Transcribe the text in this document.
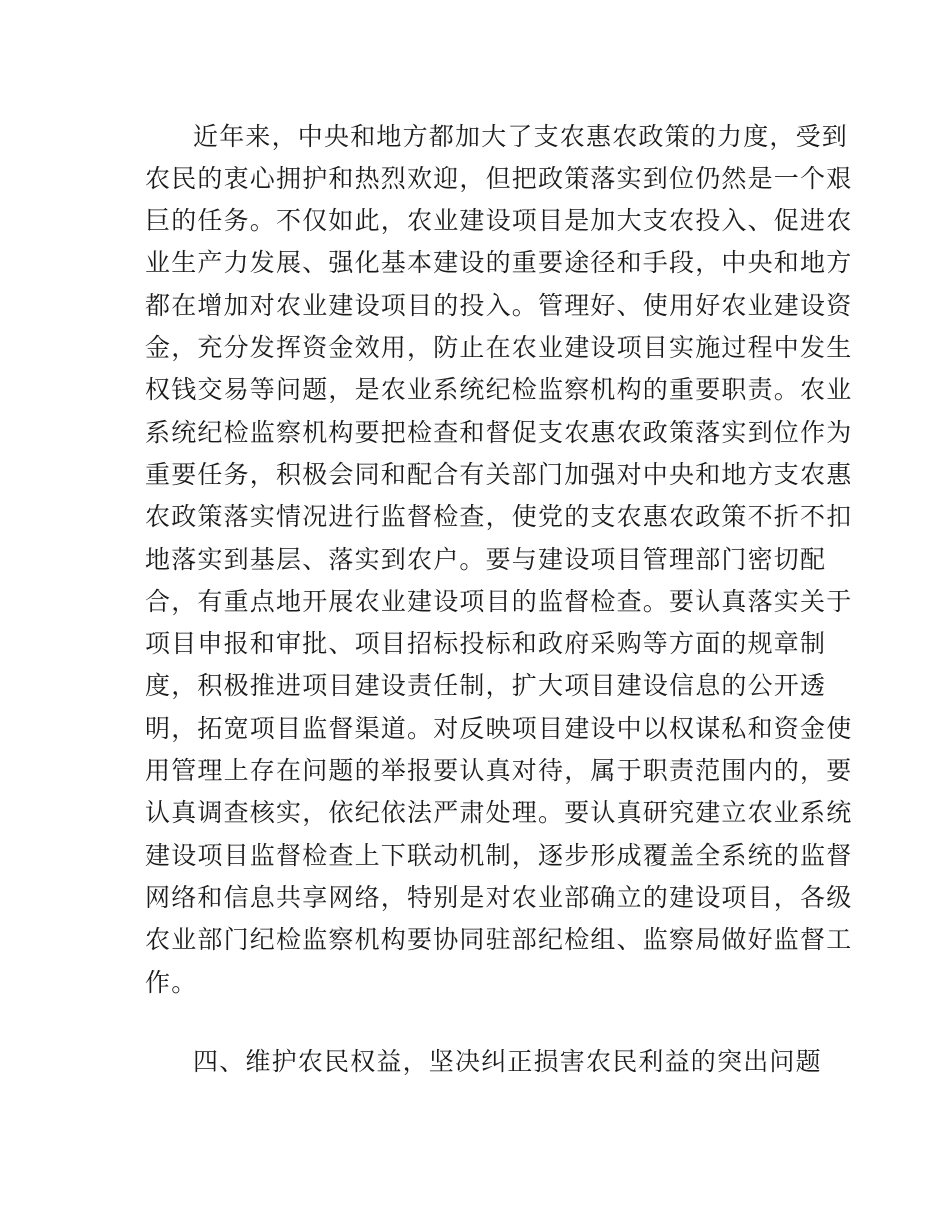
近年来，中央和地方都加大了支农惠农政策的力度，受到
农民的衷心拥护和热烈欢迎，但把政策落实到位仍然是一个艰
巨的任务。不仅如此，农业建设项目是加大支农投入、促进农
业生产力发展、强化基本建设的重要途径和手段，中央和地方
都在增加对农业建设项目的投入。管理好、使用好农业建设资
金，充分发挥资金效用，防止在农业建设项目实施过程中发生
权钱交易等问题，是农业系统纪检监察机构的重要职责。农业
系统纪检监察机构要把检查和督促支农惠农政策落实到位作为
重要任务，积极会同和配合有关部门加强对中央和地方支农惠
农政策落实情况进行监督检查，使党的支农惠农政策不折不扣
地落实到基层、落实到农户。要与建设项目管理部门密切配
合，有重点地开展农业建设项目的监督检查。要认真落实关于
项目申报和审批、项目招标投标和政府采购等方面的规章制
度，积极推进项目建设责任制，扩大项目建设信息的公开透
明，拓宽项目监督渠道。对反映项目建设中以权谋私和资金使
用管理上存在问题的举报要认真对待，属于职责范围内的，要
认真调查核实，依纪依法严肃处理。要认真研究建立农业系统
建设项目监督检查上下联动机制，逐步形成覆盖全系统的监督
网络和信息共享网络，特别是对农业部确立的建设项目，各级
农业部门纪检监察机构要协同驻部纪检组、监察局做好监督工
作。
四、维护农民权益，坚决纠正损害农民利益的突出问题
